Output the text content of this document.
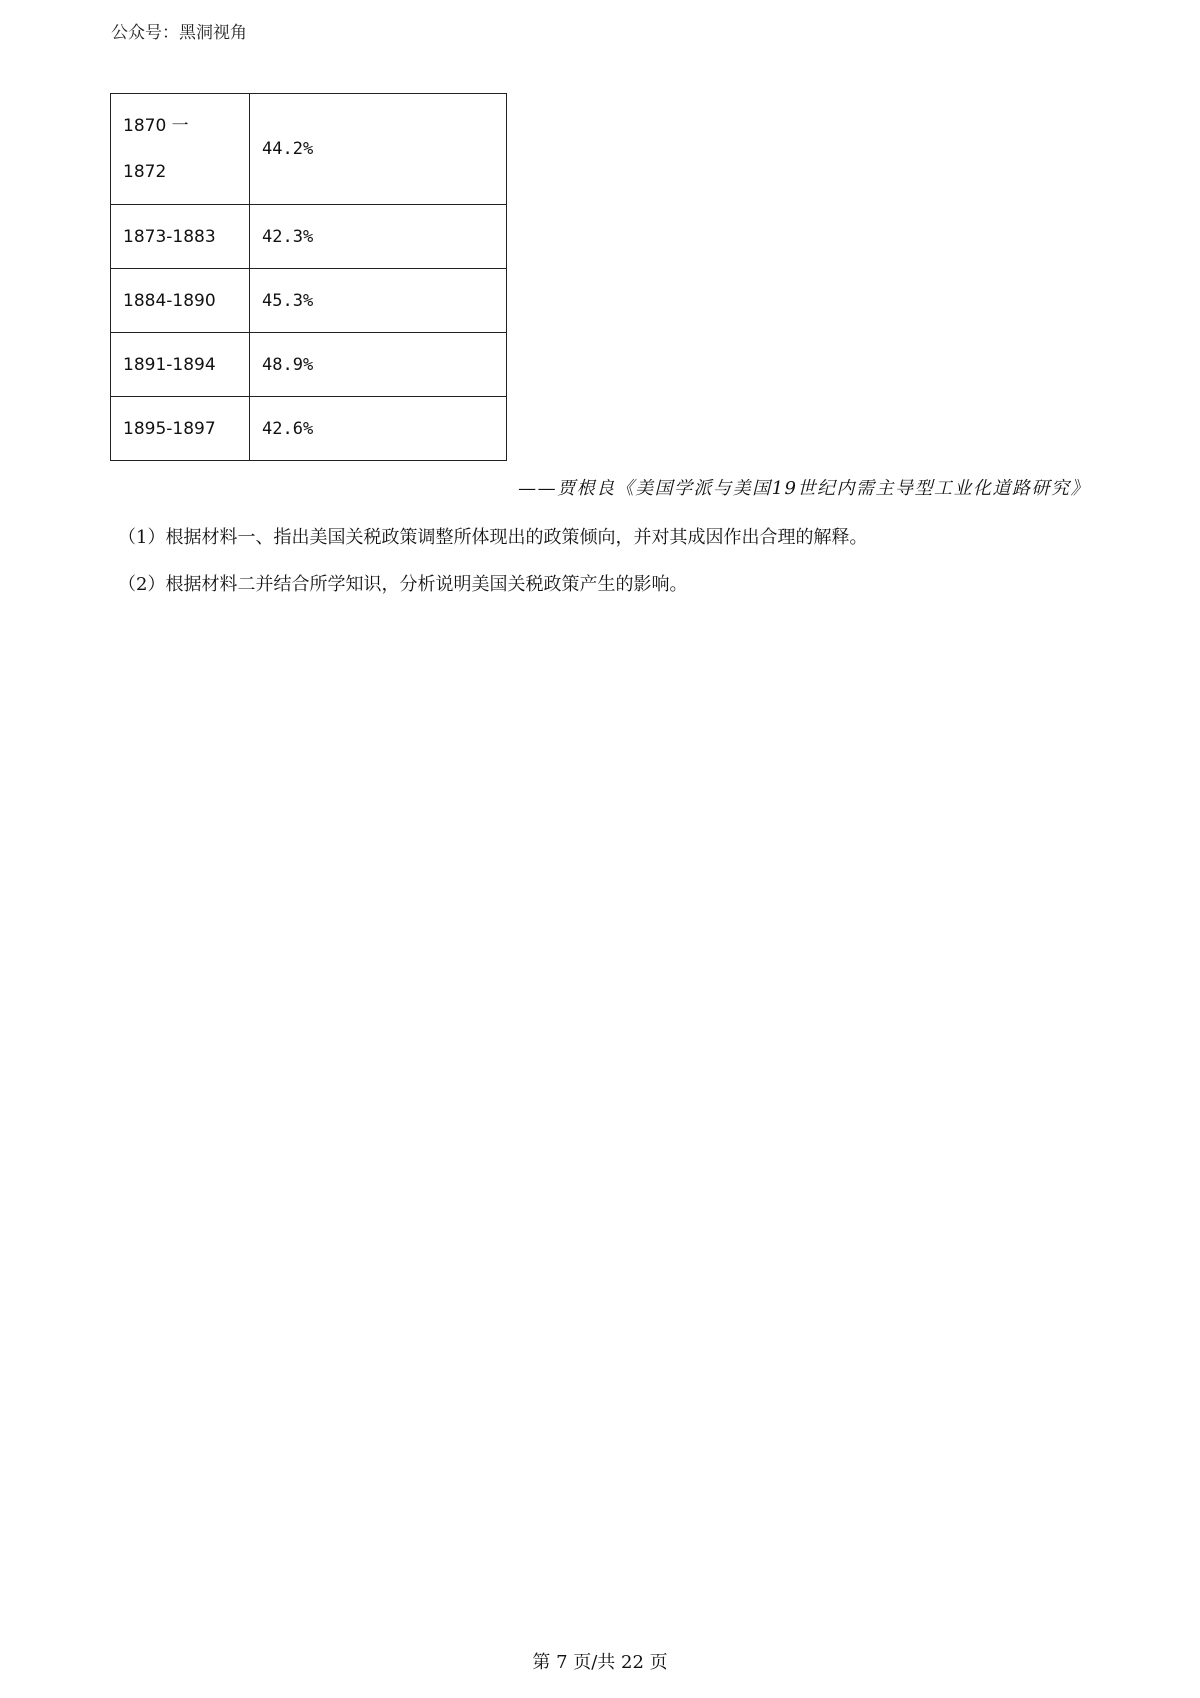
公众号：黑洞视角
1870 一
1872	44.2%
1873-1883	42.3%
1884-1890	45.3%
1891-1894	48.9%
1895-1897	42.6%
——贾根良《美国学派与美国19世纪内需主导型工业化道路研究》
（1）根据材料一、指出美国关税政策调整所体现出的政策倾向，并对其成因作出合理的解释。
（2）根据材料二并结合所学知识，分析说明美国关税政策产生的影响。
第 7 页/共 22 页
